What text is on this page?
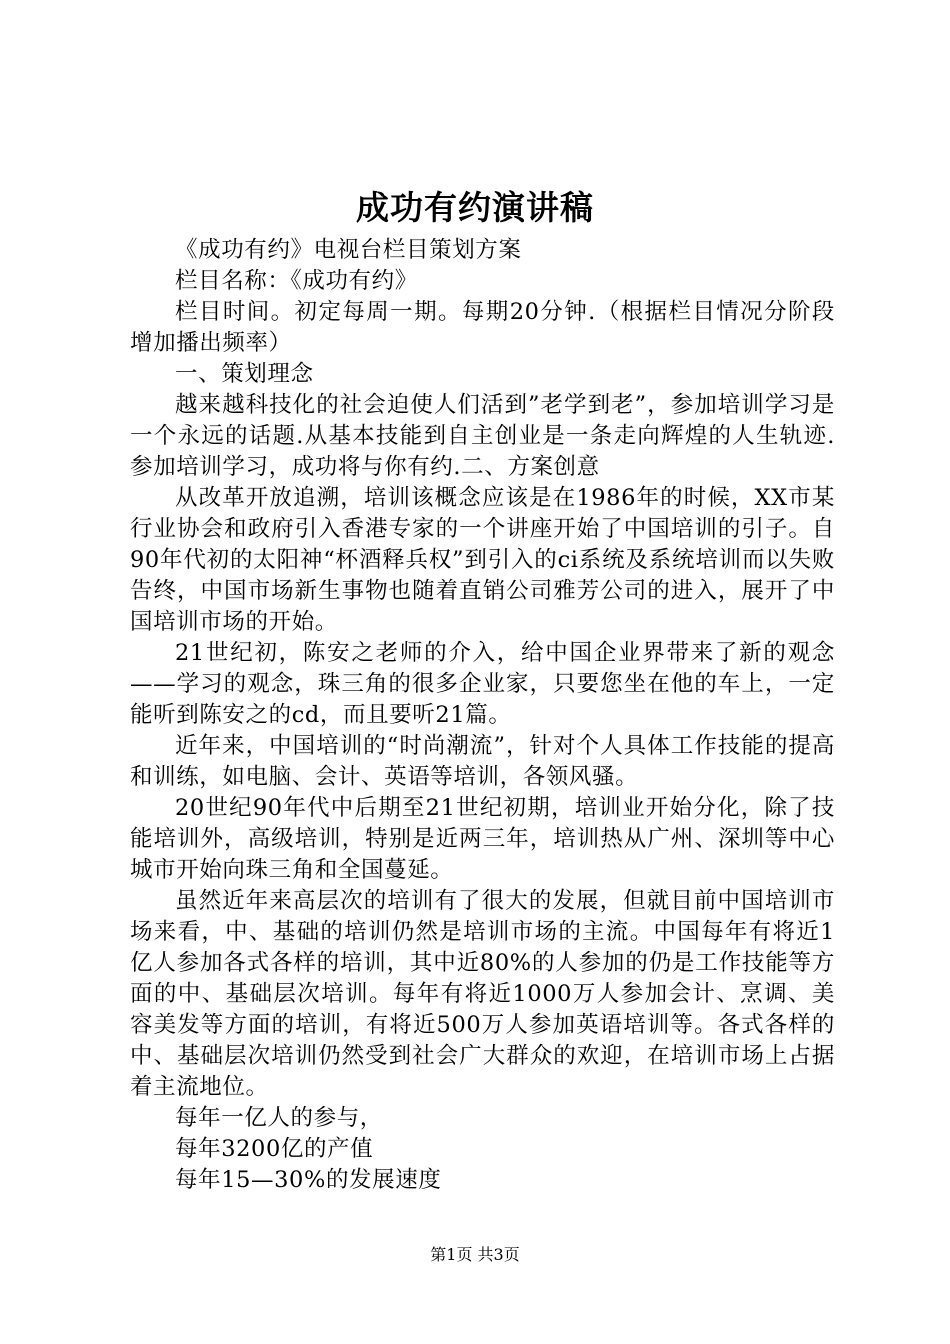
成功有约演讲稿

《成功有约》电视台栏目策划方案

栏目名称：《成功有约》

栏目时间。初定每周一期。每期20分钟.（根据栏目情况分阶段增加播出频率）

一、策划理念

越来越科技化的社会迫使人们活到”老学到老”，参加培训学习是一个永远的话题.从基本技能到自主创业是一条走向辉煌的人生轨迹.参加培训学习，成功将与你有约.二、方案创意

从改革开放追溯，培训该概念应该是在1986年的时候，XX市某行业协会和政府引入香港专家的一个讲座开始了中国培训的引子。自90年代初的太阳神“杯酒释兵权”到引入的ci系统及系统培训而以失败告终，中国市场新生事物也随着直销公司雅芳公司的进入，展开了中国培训市场的开始。

21世纪初，陈安之老师的介入，给中国企业界带来了新的观念——学习的观念，珠三角的很多企业家，只要您坐在他的车上，一定能听到陈安之的cd，而且要听21篇。

近年来，中国培训的“时尚潮流”，针对个人具体工作技能的提高和训练，如电脑、会计、英语等培训，各领风骚。

20世纪90年代中后期至21世纪初期，培训业开始分化，除了技能培训外，高级培训，特别是近两三年，培训热从广州、深圳等中心城市开始向珠三角和全国蔓延。

虽然近年来高层次的培训有了很大的发展，但就目前中国培训市场来看，中、基础的培训仍然是培训市场的主流。中国每年有将近1亿人参加各式各样的培训，其中近80%的人参加的仍是工作技能等方面的中、基础层次培训。每年有将近1000万人参加会计、烹调、美容美发等方面的培训，有将近500万人参加英语培训等。各式各样的中、基础层次培训仍然受到社会广大群众的欢迎，在培训市场上占据着主流地位。

每年一亿人的参与，

每年3200亿的产值

每年15—30%的发展速度

第1页 共3页
